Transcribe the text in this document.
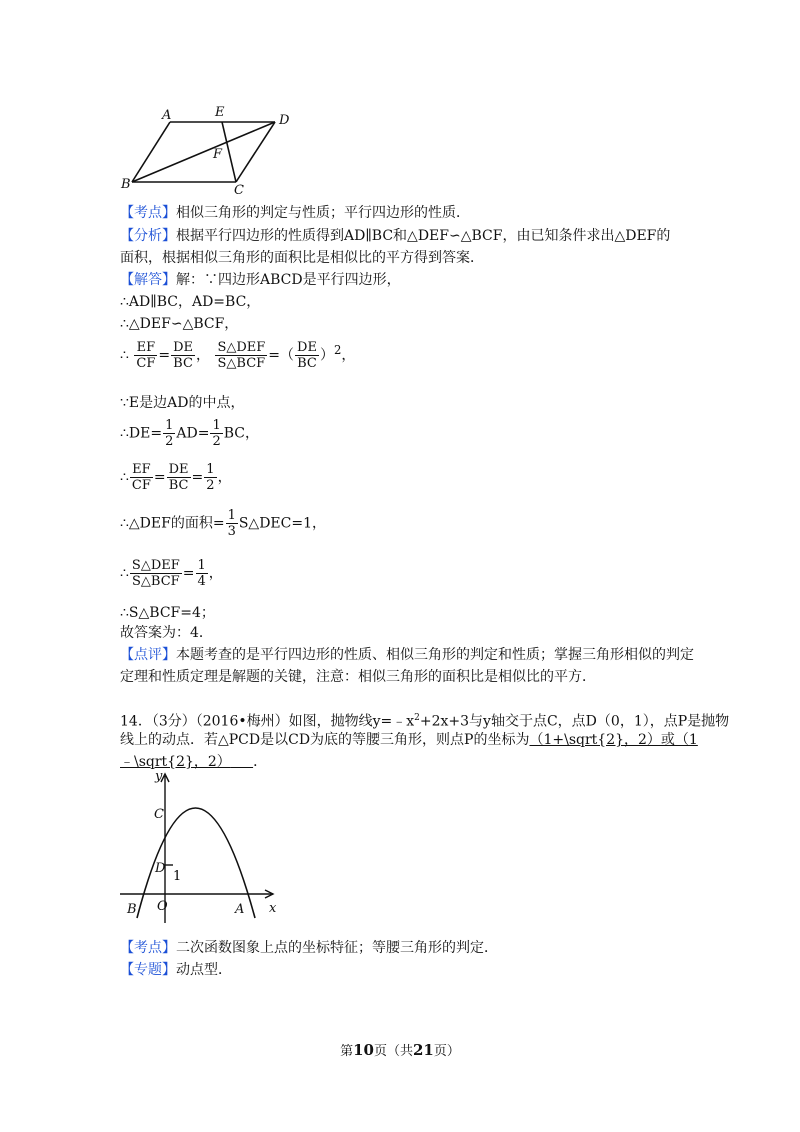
A	E
D
F
B	C
【考点】相似三角形的判定与性质；平行四边形的性质．
【分析】根据平行四边形的性质得到AD∥BC和△DEF∽△BCF，由已知条件求出△DEF的
面积，根据相似三角形的面积比是相似比的平方得到答案．
【解答】解：∵四边形ABCD是平行四边形，
∴AD∥BC，AD=BC，
∴△DEF∽△BCF，
∴ $\frac{EF}{CF} = \frac{DE}{BC}$ ， $\frac{\text{S△DEF}}{\text{S△BCF}}$ =（ $\frac{DE}{BC} )^2$，
∵E是边AD的中点，
∴DE= $\frac{1}{2} AD= \frac{1}{2}$ BC，
∴ $\frac{EF}{CF} = \frac{DE}{BC} = \frac{1}{2}$ ，
∴△DEF的面积= $\frac{1}{3}$ S△DEC=1，
∴ $\frac{\text{S△DEF}}{\text{S△BCF}} = \frac{1}{4}$ ，
∴S△BCF=4；
故答案为：4．
【点评】本题考查的是平行四边形的性质、相似三角形的判定和性质；掌握三角形相似的判定
定理和性质定理是解题的关键，注意：相似三角形的面积比是相似比的平方．
14．（3分）（2016•梅州）如图，抛物线$y=﹣x^2+2x+3$与y轴交于点C，点D（0，1），点P是抛物
线上的动点．若△PCD是以CD为底的等腰三角形，则点P的坐标为（1+\sqrt{2}，2）或（1
﹣\sqrt{2}，2） ．
y
x
C
D
1
B O	A
【考点】二次函数图象上点的坐标特征；等腰三角形的判定．
【专题】动点型．
第10页（共21页）
